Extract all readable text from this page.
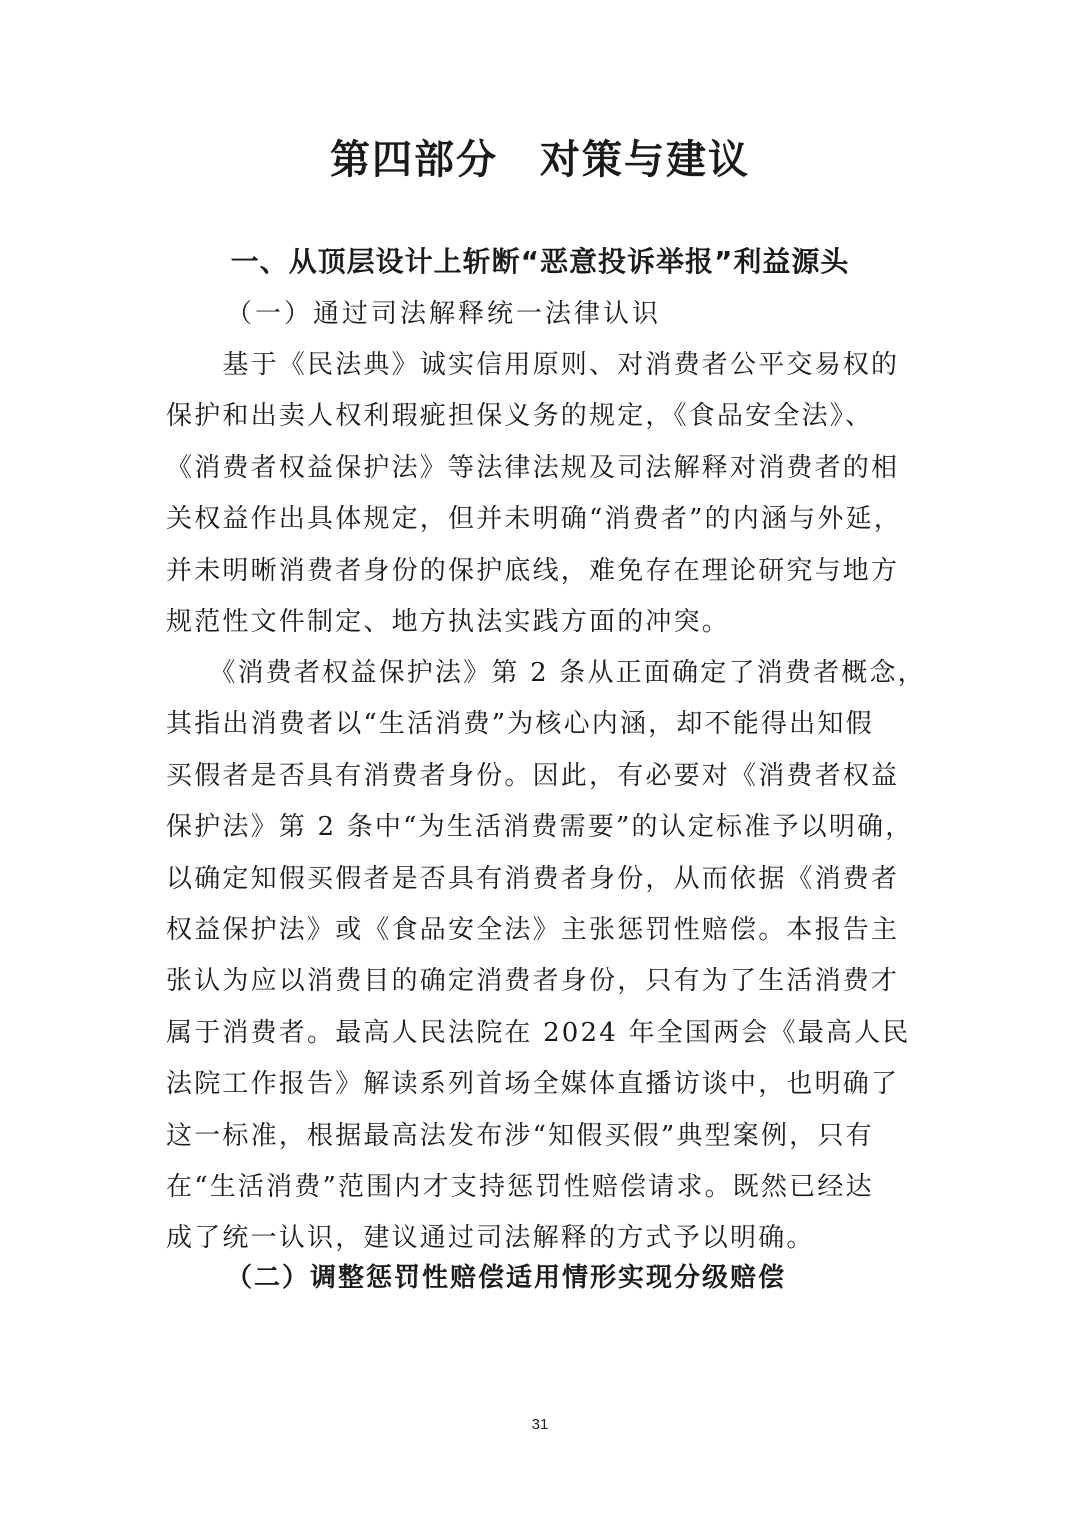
第四部分　对策与建议
一、从顶层设计上斩断“恶意投诉举报”利益源头
（一）通过司法解释统一法律认识
　　基于《民法典》诚实信用原则、对消费者公平交易权的
保护和出卖人权利瑕疵担保义务的规定，《食品安全法》、
《消费者权益保护法》等法律法规及司法解释对消费者的相
关权益作出具体规定，但并未明确“消费者”的内涵与外延，
并未明晰消费者身份的保护底线，难免存在理论研究与地方
规范性文件制定、地方执法实践方面的冲突。
　　《消费者权益保护法》第 2 条从正面确定了消费者概念，
其指出消费者以“生活消费”为核心内涵，却不能得出知假
买假者是否具有消费者身份。因此，有必要对《消费者权益
保护法》第 2 条中“为生活消费需要”的认定标准予以明确，
以确定知假买假者是否具有消费者身份，从而依据《消费者
权益保护法》或《食品安全法》主张惩罚性赔偿。本报告主
张认为应以消费目的确定消费者身份，只有为了生活消费才
属于消费者。最高人民法院在 2024 年全国两会《最高人民
法院工作报告》解读系列首场全媒体直播访谈中，也明确了
这一标准，根据最高法发布涉“知假买假”典型案例，只有
在“生活消费”范围内才支持惩罚性赔偿请求。既然已经达
成了统一认识，建议通过司法解释的方式予以明确。
（二）调整惩罚性赔偿适用情形实现分级赔偿
31
